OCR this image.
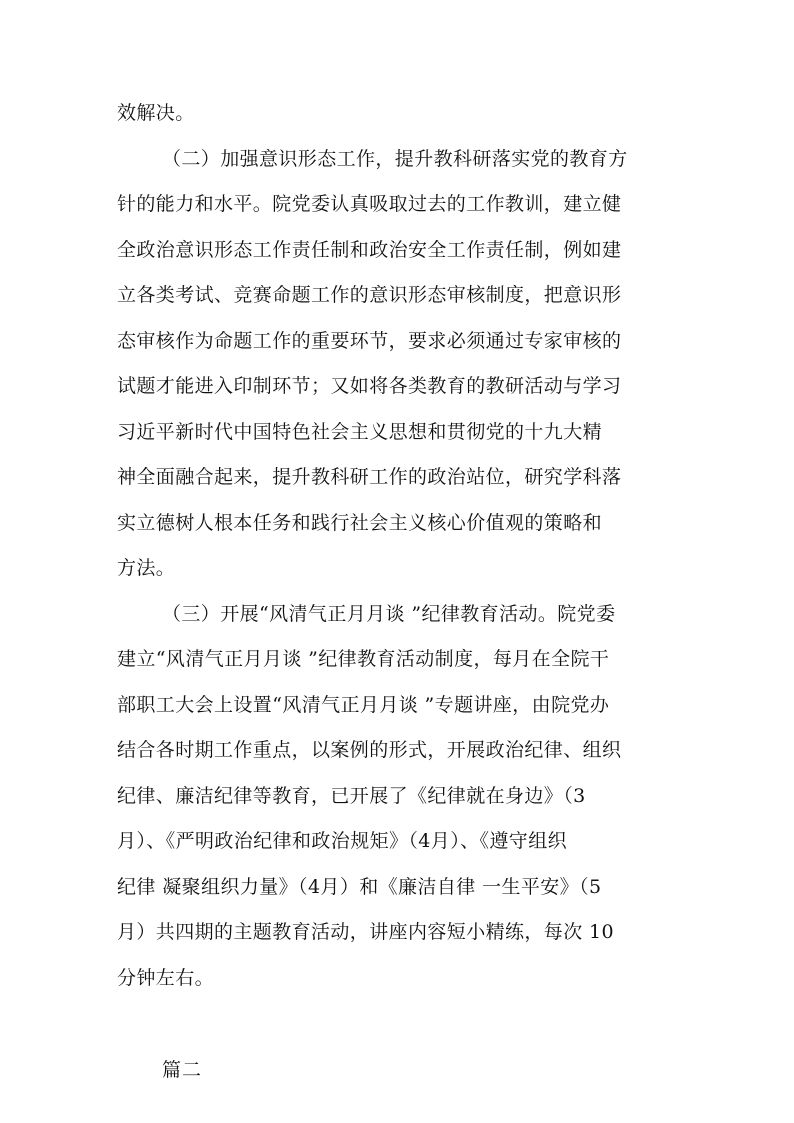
效解决。
（二）加强意识形态工作，提升教科研落实党的教育方
针的能力和水平。院党委认真吸取过去的工作教训，建立健
全政治意识形态工作责任制和政治安全工作责任制，例如建
立各类考试、竞赛命题工作的意识形态审核制度，把意识形
态审核作为命题工作的重要环节，要求必须通过专家审核的
试题才能进入印制环节；又如将各类教育的教研活动与学习
习近平新时代中国特色社会主义思想和贯彻党的十九大精
神全面融合起来，提升教科研工作的政治站位，研究学科落
实立德树人根本任务和践行社会主义核心价值观的策略和
方法。
（三）开展“风清气正月月谈 ”纪律教育活动。院党委
建立“风清气正月月谈 ”纪律教育活动制度，每月在全院干
部职工大会上设置“风清气正月月谈 ”专题讲座，由院党办
结合各时期工作重点，以案例的形式，开展政治纪律、组织
纪律、廉洁纪律等教育，已开展了《纪律就在身边》（3
月）、《严明政治纪律和政治规矩》（4月）、《遵守组织
纪律 凝聚组织力量》（4月）和《廉洁自律 一生平安》（5
月）共四期的主题教育活动，讲座内容短小精练，每次 10
分钟左右。
篇二
